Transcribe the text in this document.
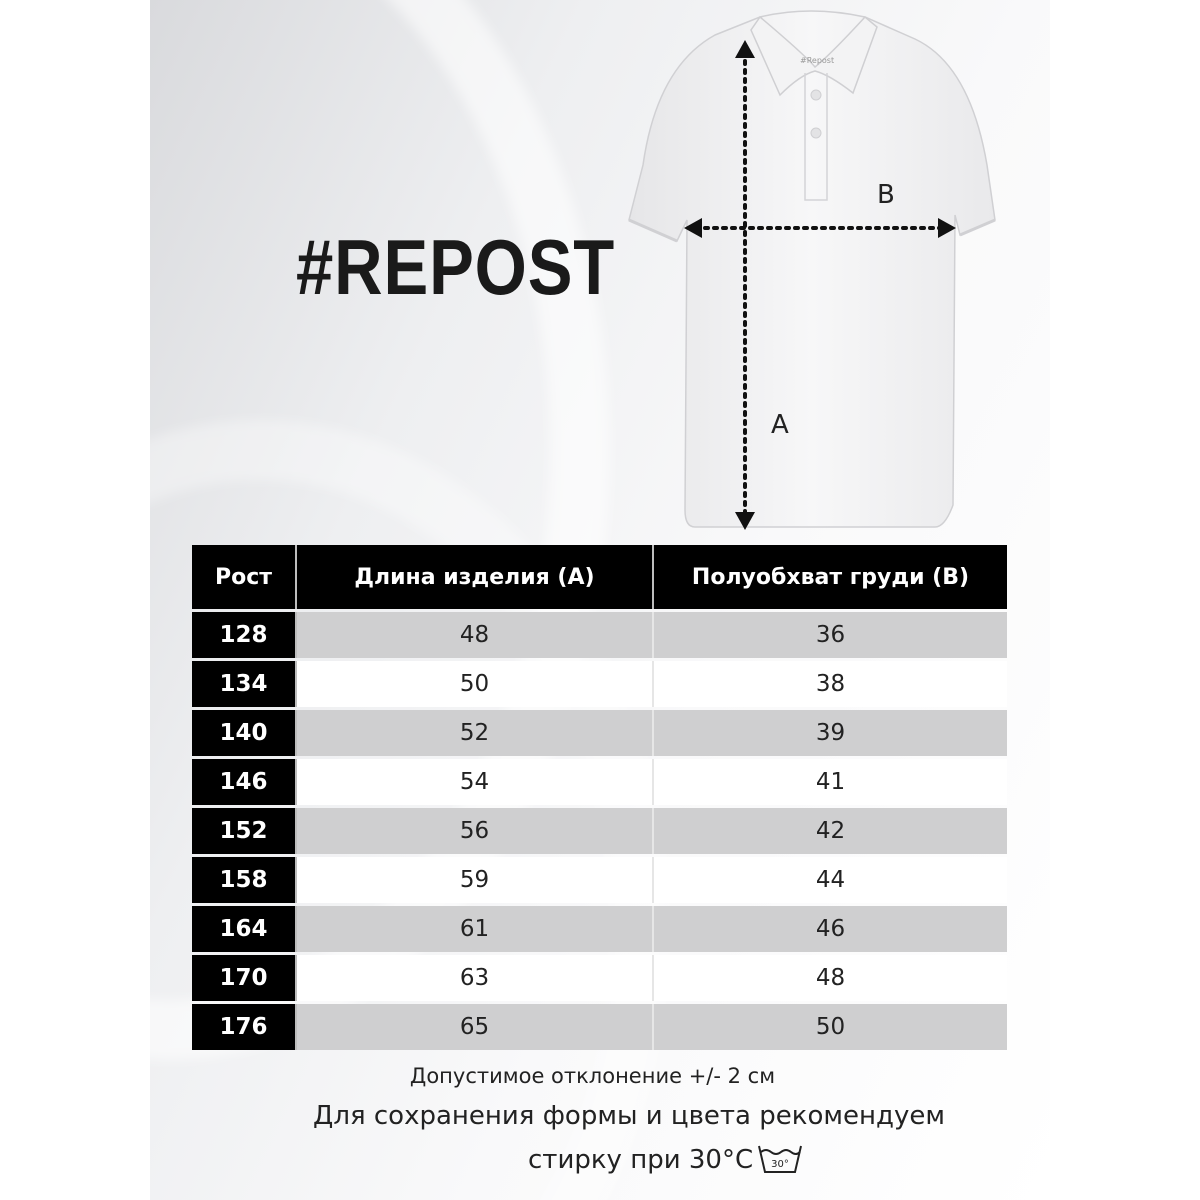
#REPOST
#Repost
B
A
Рост	Длина изделия (А)	Полуобхват груди (В)
128	48	36
134	50	38
140	52	39
146	54	41
152	56	42
158	59	44
164	61	46
170	63	48
176	65	50
Допустимое отклонение +/- 2 см
Для сохранения формы и цвета рекомендуем
стирку при 30°С 30°
